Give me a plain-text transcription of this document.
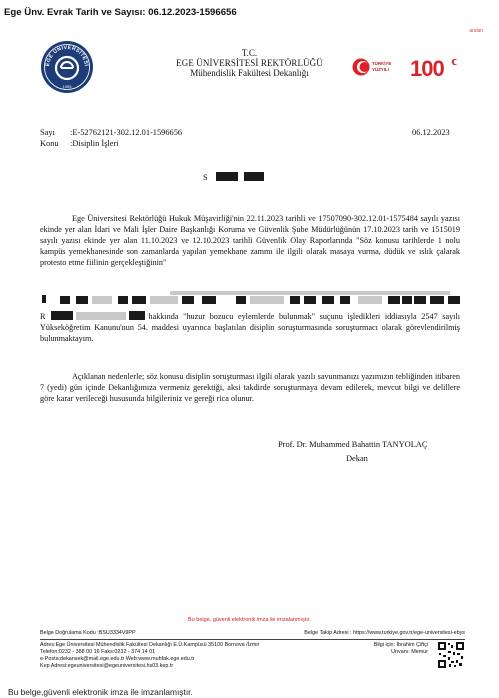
Ege Ünv. Evrak Tarih ve Sayısı: 06.12.2023-1596656
arslan
EGE ÜNİVERSİTESİ
1955
T.C.
EGE ÜNİVERSİTESİ REKTÖRLÜĞÜ
Mühendislik Fakültesi Dekanlığı
TÜRKİYE
YÜZYILI 100
Sayı :E-52762121-302.12.01-1596656	06.12.2023
Konu :Disiplin İşleri
S

Ege Üniversitesi Rektörlüğü Hukuk Müşavirliği'nin 22.11.2023 tarihli ve 17507090-302.12.01-1575484 sayılı yazısı ekinde yer alan İdari ve Mali İşler Daire Başkanlığı Koruma ve Güvenlik Şube Müdürlüğünün 17.10.2023 tarih ve 1515019 sayılı yazısı ekinde yer alan 11.10.2023 ve 12.10.2023 tarihli Güvenlik Olay Raporlarında "Söz konusu tarihlerde 1 nolu kampüs yemekhanesinde son zamanlarda yapılan yemekhane zammı ile ilgili olarak masaya vurma, düdük ve ıslık çalarak protesto etme fiilinin gerçekleştiğinin"

R	hakkında "huzur bozucu eylemlerde bulunmak" suçunu işledikleri iddiasıyla 2547 sayılı Yükseköğretim Kanunu'nun 54. maddesi uyarınca başlatılan disiplin soruşturmasında soruşturmacı olarak görevlendirilmiş bulunmaktayım.

Açıklanan nedenlerle; söz konusu disiplin soruşturması ilgili olarak yazılı savunmanızı yazımızın tebliğinden itibaren 7 (yedi) gün içinde Dekanlığımıza vermeniz gerektiği, aksi takdirde soruşturmaya devam edilerek, mevcut bilgi ve delillere göre karar verileceği hususunda bilgileriniz ve gereği rica olunur.

Prof. Dr. Muhammed Bahattin TANYOLAÇ
Dekan
Bu belge, güvenli elektronik imza ile imzalanmıştır.
Belge Doğrulama Kodu :BSU3334V9PP	Belge Takip Adresi : https://www.turkiye.gov.tr/ege-universitesi-ebys
Adres:Ege Üniversitesi Mühendislik Fakültesi Dekanlığı E.Ü.Kampüsü 35100 Bornova /İzmir
Telefon:0232 - 388 00 16 Faks:0232 - 374 14 01
e-Posta:dekansek@mail.ege.edu.tr Web:www.muhfak.ege.edu.tr
Kep Adresi:egeuniversitesi@egeuniversitesi.hs03.kep.tr
Bilgi için: İbrahim Çiftçi
Unvanı: Memur
Bu belge,güvenli elektronik imza ile imzanlamıştır.
